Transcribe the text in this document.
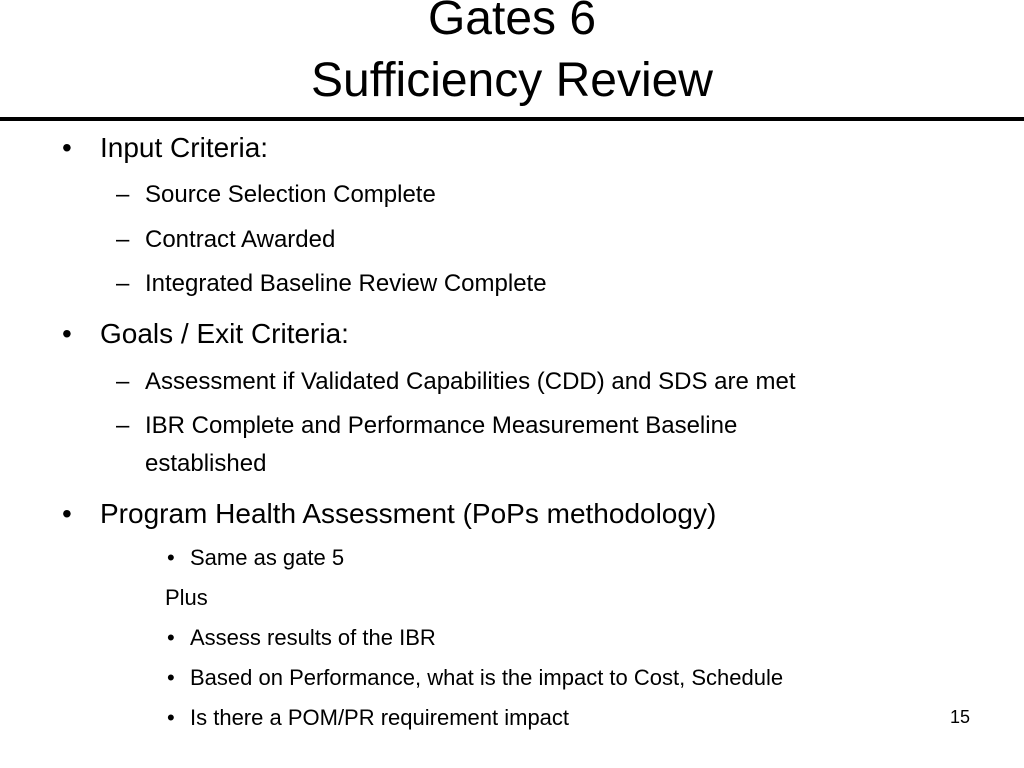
Gates 6
Sufficiency Review
• Input Criteria:
– Source Selection Complete
– Contract Awarded
– Integrated Baseline Review Complete
• Goals / Exit Criteria:
– Assessment if Validated Capabilities (CDD) and SDS are met
– IBR Complete and Performance Measurement Baseline
established
• Program Health Assessment (PoPs methodology)
• Same as gate 5
Plus
• Assess results of the IBR
• Based on Performance, what is the impact to Cost, Schedule
• Is there a POM/PR requirement impact	15
